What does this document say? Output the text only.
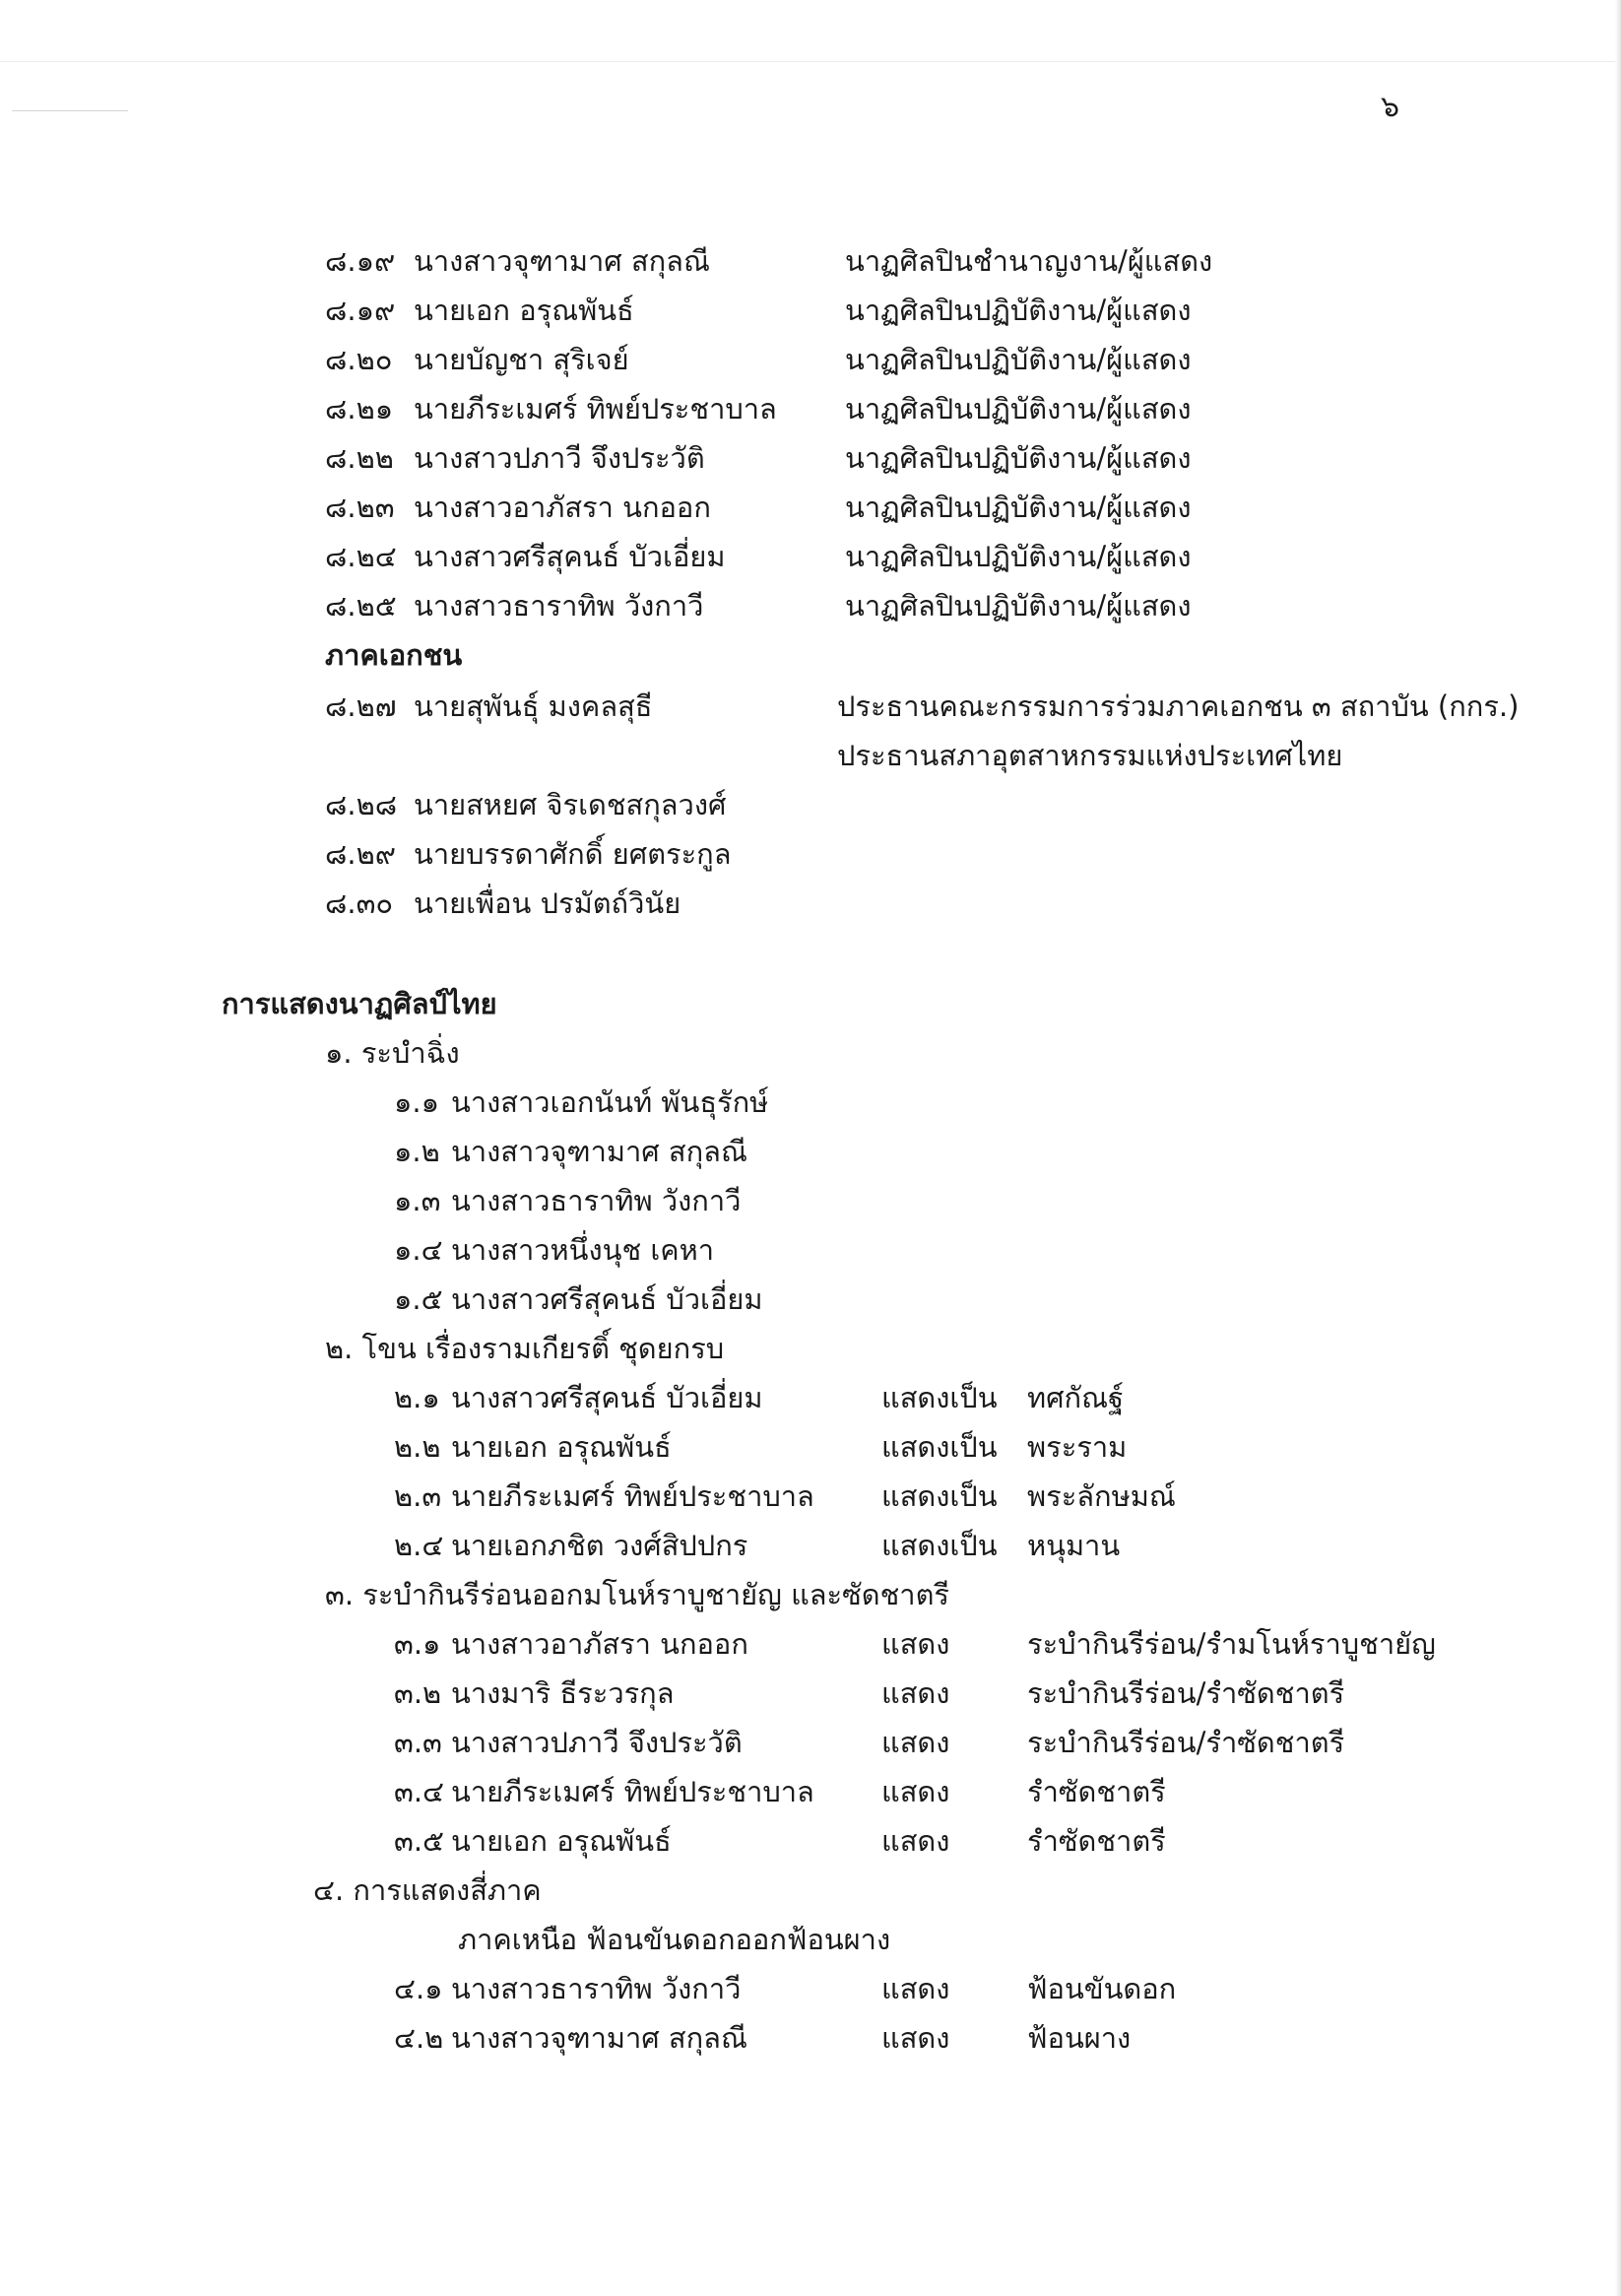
๖
๘.๑๙ นางสาวจุฑามาศ สกุลณี	นาฏศิลปินชำนาญงาน/ผู้แสดง
๘.๑๙ นายเอก อรุณพันธ์	นาฏศิลปินปฏิบัติงาน/ผู้แสดง
๘.๒๐ นายบัญชา สุริเจย์	นาฏศิลปินปฏิบัติงาน/ผู้แสดง
๘.๒๑ นายภีระเมศร์ ทิพย์ประชาบาล นาฏศิลปินปฏิบัติงาน/ผู้แสดง
๘.๒๒ นางสาวปภาวี จึงประวัติ	นาฏศิลปินปฏิบัติงาน/ผู้แสดง
๘.๒๓ นางสาวอาภัสรา นกออก	นาฏศิลปินปฏิบัติงาน/ผู้แสดง
๘.๒๔ นางสาวศรีสุคนธ์ บัวเอี่ยม	นาฏศิลปินปฏิบัติงาน/ผู้แสดง
๘.๒๕ นางสาวธาราทิพ วังกาวี	นาฏศิลปินปฏิบัติงาน/ผู้แสดง
ภาคเอกชน
๘.๒๗ นายสุพันธุ์ มงคลสุธี	ประธานคณะกรรมการร่วมภาคเอกชน ๓ สถาบัน (กกร.)
ประธานสภาอุตสาหกรรมแห่งประเทศไทย
๘.๒๘ นายสหยศ จิรเดชสกุลวงศ์
๘.๒๙ นายบรรดาศักดิ์ ยศตระกูล
๘.๓๐ นายเพื่อน ปรมัตถ์วินัย
การแสดงนาฏศิลป์ไทย
๑. ระบำฉิ่ง
๑.๑ นางสาวเอกนันท์ พันธุรักษ์
๑.๒ นางสาวจุฑามาศ สกุลณี
๑.๓ นางสาวธาราทิพ วังกาวี
๑.๔ นางสาวหนึ่งนุช เคหา
๑.๕ นางสาวศรีสุคนธ์ บัวเอี่ยม
๒. โขน เรื่องรามเกียรติ์ ชุดยกรบ
๒.๑ นางสาวศรีสุคนธ์ บัวเอี่ยม	แสดงเป็น ทศกัณฐ์
๒.๒ นายเอก อรุณพันธ์	แสดงเป็น พระราม
๒.๓ นายภีระเมศร์ ทิพย์ประชาบาล แสดงเป็น พระลักษมณ์
๒.๔ นายเอกภชิต วงศ์สิปปกร	แสดงเป็น หนุมาน
๓. ระบำกินรีร่อนออกมโนห์ราบูชายัญ และซัดชาตรี
๓.๑ นางสาวอาภัสรา นกออก	แสดง	ระบำกินรีร่อน/รำมโนห์ราบูชายัญ
๓.๒ นางมาริ ธีระวรกุล	แสดง	ระบำกินรีร่อน/รำซัดชาตรี
๓.๓ นางสาวปภาวี จึงประวัติ	แสดง	ระบำกินรีร่อน/รำซัดชาตรี
๓.๔ นายภีระเมศร์ ทิพย์ประชาบาล แสดง	รำซัดชาตรี
๓.๕ นายเอก อรุณพันธ์	แสดง	รำซัดชาตรี
๔. การแสดงสี่ภาค
ภาคเหนือ ฟ้อนขันดอกออกฟ้อนผาง
๔.๑ นางสาวธาราทิพ วังกาวี	แสดง	ฟ้อนขันดอก
๔.๒ นางสาวจุฑามาศ สกุลณี	แสดง	ฟ้อนผาง
